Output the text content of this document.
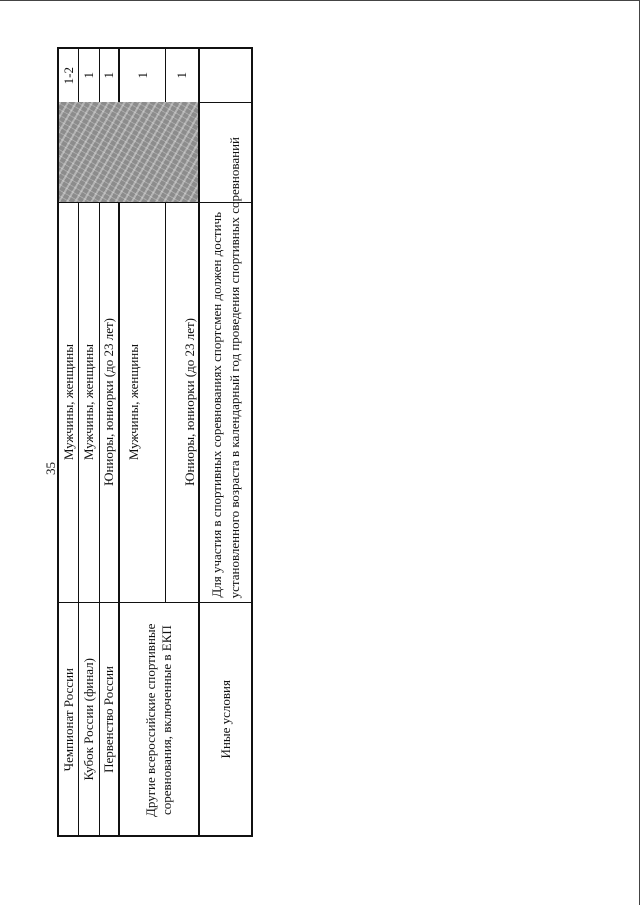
35
Чемпионат России
Мужчины, женщины
1-2
Кубок России (финал)
Мужчины, женщины
1
Первенство России
Юниоры, юниорки (до 23 лет)
1
Другие всероссийские спортивные соревнования, включенные в ЕКП
Мужчины, женщины
1
Юниоры, юниорки (до 23 лет)
1
Иные условия
установленного возраста в календарный год проведения спортивных соревнований
Для участия в спортивных соревнованиях спортсмен должен достичь
